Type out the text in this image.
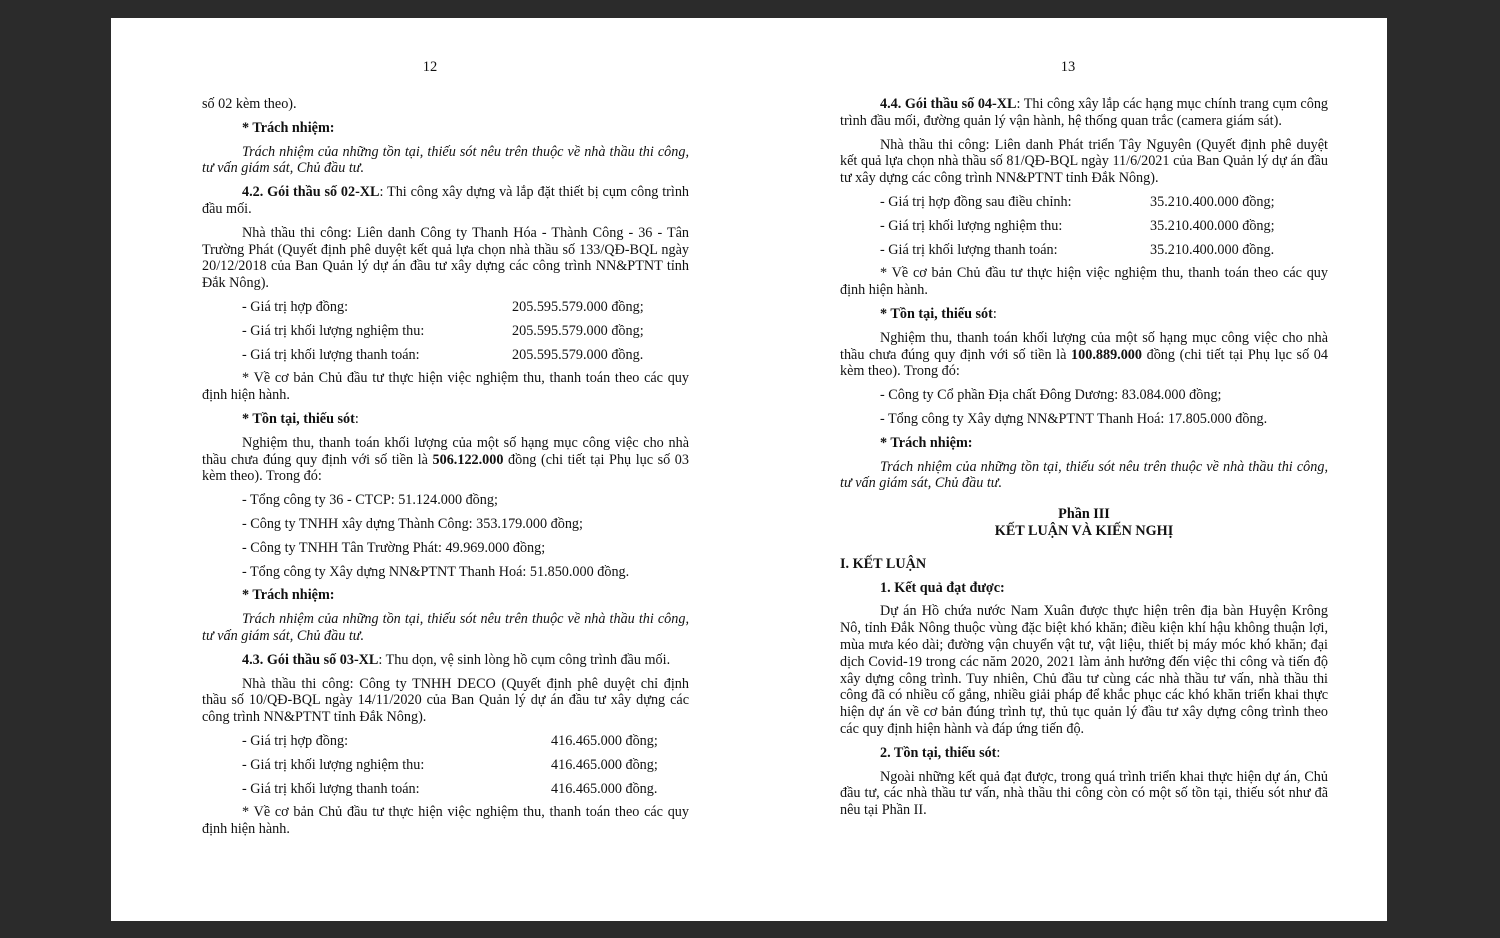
12

số 02 kèm theo).

* Trách nhiệm:

Trách nhiệm của những tồn tại, thiếu sót nêu trên thuộc về nhà thầu thi công, tư vấn giám sát, Chủ đầu tư.

4.2. Gói thầu số 02-XL: Thi công xây dựng và lắp đặt thiết bị cụm công trình đầu mối.

Nhà thầu thi công: Liên danh Công ty Thanh Hóa - Thành Công - 36 - Tân Trường Phát (Quyết định phê duyệt kết quả lựa chọn nhà thầu số 133/QĐ-BQL ngày 20/12/2018 của Ban Quản lý dự án đầu tư xây dựng các công trình NN&PTNT tỉnh Đắk Nông).

- Giá trị hợp đồng:	205.595.579.000 đồng;
- Giá trị khối lượng nghiệm thu:	205.595.579.000 đồng;
- Giá trị khối lượng thanh toán:	205.595.579.000 đồng.

* Về cơ bản Chủ đầu tư thực hiện việc nghiệm thu, thanh toán theo các quy định hiện hành.

* Tồn tại, thiếu sót:

Nghiệm thu, thanh toán khối lượng của một số hạng mục công việc cho nhà thầu chưa đúng quy định với số tiền là 506.122.000 đồng (chi tiết tại Phụ lục số 03 kèm theo). Trong đó:

- Tổng công ty 36 - CTCP: 51.124.000 đồng;

- Công ty TNHH xây dựng Thành Công: 353.179.000 đồng;

- Công ty TNHH Tân Trường Phát: 49.969.000 đồng;

- Tổng công ty Xây dựng NN&PTNT Thanh Hoá: 51.850.000 đồng.

* Trách nhiệm:

Trách nhiệm của những tồn tại, thiếu sót nêu trên thuộc về nhà thầu thi công, tư vấn giám sát, Chủ đầu tư.

4.3. Gói thầu số 03-XL: Thu dọn, vệ sinh lòng hồ cụm công trình đầu mối.

Nhà thầu thi công: Công ty TNHH DECO (Quyết định phê duyệt chỉ định thầu số 10/QĐ-BQL ngày 14/11/2020 của Ban Quản lý dự án đầu tư xây dựng các công trình NN&PTNT tỉnh Đắk Nông).

- Giá trị hợp đồng:	416.465.000 đồng;
- Giá trị khối lượng nghiệm thu:	416.465.000 đồng;
- Giá trị khối lượng thanh toán:	416.465.000 đồng.

* Về cơ bản Chủ đầu tư thực hiện việc nghiệm thu, thanh toán theo các quy định hiện hành.

13

4.4. Gói thầu số 04-XL: Thi công xây lắp các hạng mục chính trang cụm công trình đầu mối, đường quản lý vận hành, hệ thống quan trắc (camera giám sát).

Nhà thầu thi công: Liên danh Phát triển Tây Nguyên (Quyết định phê duyệt kết quả lựa chọn nhà thầu số 81/QĐ-BQL ngày 11/6/2021 của Ban Quản lý dự án đầu tư xây dựng các công trình NN&PTNT tỉnh Đắk Nông).

- Giá trị hợp đồng sau điều chỉnh:	35.210.400.000 đồng;
- Giá trị khối lượng nghiệm thu:	35.210.400.000 đồng;
- Giá trị khối lượng thanh toán:	35.210.400.000 đồng.

* Về cơ bản Chủ đầu tư thực hiện việc nghiệm thu, thanh toán theo các quy định hiện hành.

* Tồn tại, thiếu sót:

Nghiệm thu, thanh toán khối lượng của một số hạng mục công việc cho nhà thầu chưa đúng quy định với số tiền là 100.889.000 đồng (chi tiết tại Phụ lục số 04 kèm theo). Trong đó:

- Công ty Cổ phần Địa chất Đông Dương: 83.084.000 đồng;

- Tổng công ty Xây dựng NN&PTNT Thanh Hoá: 17.805.000 đồng.

* Trách nhiệm:

Trách nhiệm của những tồn tại, thiếu sót nêu trên thuộc về nhà thầu thi công, tư vấn giám sát, Chủ đầu tư.

Phần III

KẾT LUẬN VÀ KIẾN NGHỊ

I. KẾT LUẬN

1. Kết quả đạt được:

Dự án Hồ chứa nước Nam Xuân được thực hiện trên địa bàn Huyện Krông Nô, tỉnh Đắk Nông thuộc vùng đặc biệt khó khăn; điều kiện khí hậu không thuận lợi, mùa mưa kéo dài; đường vận chuyển vật tư, vật liệu, thiết bị máy móc khó khăn; đại dịch Covid-19 trong các năm 2020, 2021 làm ảnh hưởng đến việc thi công và tiến độ xây dựng công trình. Tuy nhiên, Chủ đầu tư cùng các nhà thầu tư vấn, nhà thầu thi công đã có nhiều cố gắng, nhiều giải pháp để khắc phục các khó khăn triển khai thực hiện dự án về cơ bản đúng trình tự, thủ tục quản lý đầu tư xây dựng công trình theo các quy định hiện hành và đáp ứng tiến độ.

2. Tồn tại, thiếu sót:

Ngoài những kết quả đạt được, trong quá trình triển khai thực hiện dự án, Chủ đầu tư, các nhà thầu tư vấn, nhà thầu thi công còn có một số tồn tại, thiếu sót như đã nêu tại Phần II.
